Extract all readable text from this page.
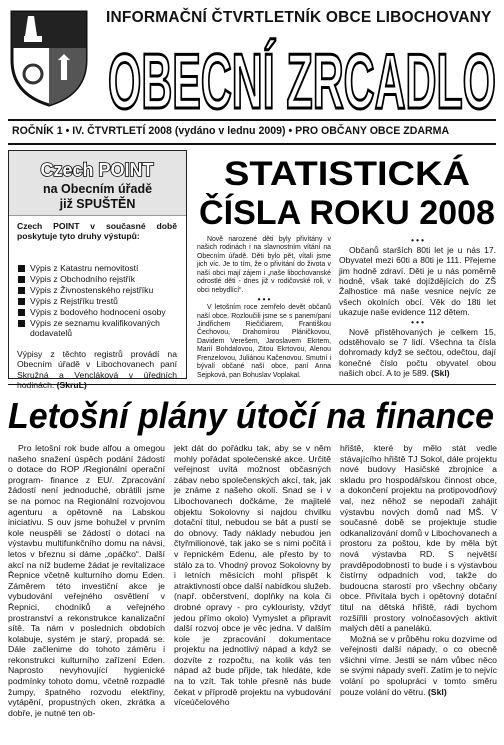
INFORMAČNÍ ČTVRTLETNÍK OBCE LIBOCHOVANY
OBECNÍ ZRCADLO
ROČNÍK 1 • IV. ČTVRTLETÍ 2008 (vydáno v lednu 2009) • PRO OBČANY OBCE ZDARMA
Czech POINT
na Obecním úřadě
již SPUŠTĚN
Czech POINT v současné době poskytuje tyto druhy výstupů:
Výpis z Katastru nemovitostí
Výpis z Obchodního rejstřík
Výpis z Živnostenského rejstříku
Výpis z Rejstříku trestů
Výpis z bodového hodnocení osoby
Výpis ze seznamu kvalifikovaných dodavatelů
Výpisy z těchto registrů provádí na Obecním úřadě v Libochovanech paní Skružná a Vencláková v úředních hodinách. (SkruL)
STATISTICKÁ
ČÍSLA ROKU 2008

Nově narozené děti byly přivítány v našich rodinách i na slavnostním vítání na Obecním úřadě. Děti bylo pět, vítali jsme jich víc. Je to tím, že o přivítání do života v naší obci mají zájem i „naše libochovanské odrostlé děti - dnes již v rodičovské roli, v obci nebydlící“.

• • •

V letošním roce zemřelo devět občanů naší obce. Rozloučili jsme se s panem/paní Jindřichem Riečičiarem, Františkou Čechovou, Drahomírou Pláničkovou, Davidem Verešem, Jaroslavem Ekrtem, Marií Bohdalovou, Zitou Ekrtovou, Alenou Frenzelovou, Juliánou Kačenovou. Smutní i bývalí občané naší obce, paní Anna Sejpková, pan Bohuslav Voplakal.

• • •

Občanů starších 80ti let je u nás 17. Obyvatel mezi 60ti a 80ti je 111. Přejeme jim hodně zdraví. Děti je u nás poměrně hodně, však také dojíždějících do ZŠ Žalhostice má naše vesnice nejvíc ze všech okolních obcí. Věk do 18ti let ukazuje naše evidence 112 dětem.

• • •

Nově přistěhovaných je celkem 15, odstěhovalo se 7 lidí. Všechna ta čísla dohromady když se sečtou, odečtou, dají konečné číslo počtu obyvatel obou našich obcí. A to je 589. (Skl)

Letošní plány útočí na finance

Pro letošní rok bude alfou a omegou našeho snažení úspěch podání žádostí o dotace do ROP /Regionální operační program- finance z EU/. Zpracování žádostí není jednoduché, obrátili jsme se na pomoc na Regionální rozvojovou agenturu a opětovně na Labskou iniciativu. S ouv jsme bohužel v prvním kole neuspěli se žádostí o dotaci na výstavbu multifunkčního domu na návsi, letos v březnu si dáme „opáčko“. Další akcí na níž budeme žádat je revitalizace Řepnice včetně kulturního domu Eden. Záměrem této investiční akce je vybudování veřejného osvětlení v Řepnici, chodníků a veřejného prostranství a rekonstrukce kanalizační sítě. Ta nám v posledních obdobích kolabuje, systém je starý, propadá se. Dále začlenime do tohoto záměru i rekonstrukci kulturního zařízení Eden. Naprosto nevyhovující hygienické podmínky tohoto domu, včetně rozpadlé žumpy, špatného rozvodu elektřiny, vytápění, propustných oken, zkrátka a dobře, je nutné ten ob-

jekt dát do pořádku tak, aby se v něm mohly pořádat společenské akce. Určitě veřejnost uvítá možnost občasných zábav nebo společenských akcí, tak, jak je známe z našeho okolí. Snad se i v Libochovanech dočkáme, že majitelé objektu Sokolovny si najdou chvilku dotační titul, nebudou se bát a pustí se do obnovy. Tady náklady nebudou jen čtyřmilionové, tak jako se s nimi počítá i v řepnickém Edenu, ale přesto by to stálo za to. Vhodný provoz Sokolovny by i letních měsících mohl přispět k atraktivnosti obce další nabídkou služeb. (např. občerstvení, doplňky na kola či drobné opravy - pro cyklouristy, vždyť jedou přímo okolo) Vymyslet a připravit další rozvoj obce je věc jedna. V dalším kole je zpracování dokumentace projektu na jednotlivý nápad a když se dozvíte z rozpočtu, na kolik vás ten nápad až bude přijde, tak hledáte, kde na to vzít. Tak tohle přesně nás bude čekat v příprodě projektu na vybudování víceúčelového

hřiště, které by mělo stát vedle stávajícího hřiště TJ Sokol, dále projektu nové budovy Hasičské zbrojnice a skladu pro hospodářskou činnost obce, a dokončení projektu na protipovodňový val, nez něhož se nepodaří zahájit výstavbu nových domů nad MŠ. V současné době se projektuje studie odkanalizování domů v Libochovanech a prostoru za poštou, kde by měla být nová výstavba RD. S největší pravděpodobností to bude i s výstavbou čistírny odpadních vod, takže do budoucna starostí pro všechny občany obce. Přivítala bych i opětovný dotační titul na dětská hřiště, rádi bychom rozšířili prostory volnočasových aktivit malých dětí a panelákú.

Možná se v průběhu roku dozvíme od veřejnosti další nápady, o co obecně všichni víme. Jestli se nám vůbec něco se svými nápady sveří. Zatím je to nejvíc volání po spolupráci v tomto směru pouze volání do větru. (Skl)
